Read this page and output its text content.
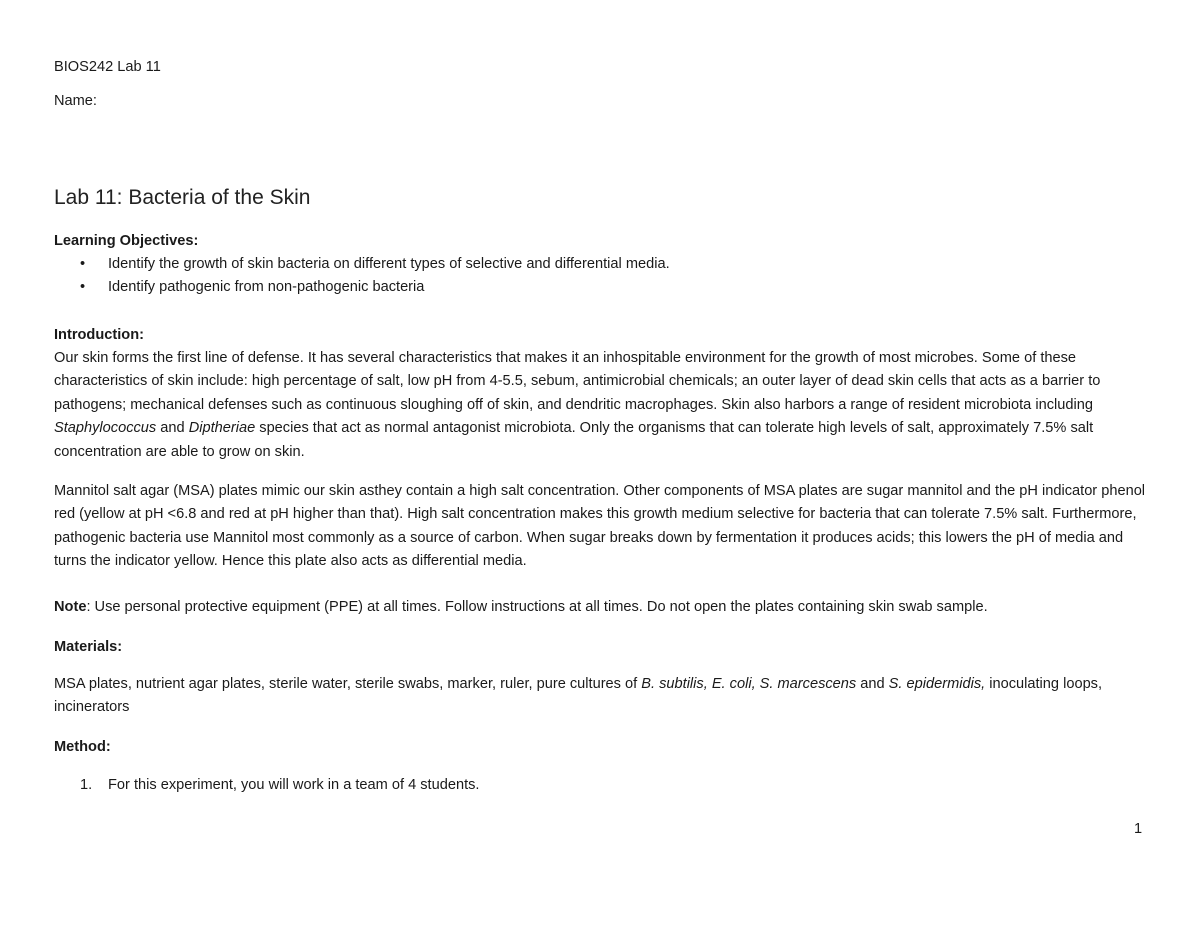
BIOS242 Lab 11
Name:
Lab 11: Bacteria of the Skin
Learning Objectives:
• Identify the growth of skin bacteria on different types of selective and differential media.
• Identify pathogenic from non-pathogenic bacteria
Introduction:

Our skin forms the first line of defense. It has several characteristics that makes it an inhospitable environment for the growth of most microbes. Some of these characteristics of skin include: high percentage of salt, low pH from 4-5.5, sebum, antimicrobial chemicals; an outer layer of dead skin cells that acts as a barrier to pathogens; mechanical defenses such as continuous sloughing off of skin, and dendritic macrophages. Skin also harbors a range of resident microbiota including Staphylococcus and Diptheriae species that act as normal antagonist microbiota. Only the organisms that can tolerate high levels of salt, approximately 7.5% salt concentration are able to grow on skin.

Mannitol salt agar (MSA) plates mimic our skin asthey contain a high salt concentration. Other components of MSA plates are sugar mannitol and the pH indicator phenol red (yellow at pH <6.8 and red at pH higher than that). High salt concentration makes this growth medium selective for bacteria that can tolerate 7.5% salt. Furthermore, pathogenic bacteria use Mannitol most commonly as a source of carbon. When sugar breaks down by fermentation it produces acids; this lowers the pH of media and turns the indicator yellow. Hence this plate also acts as differential media.

Note: Use personal protective equipment (PPE) at all times. Follow instructions at all times. Do not open the plates containing skin swab sample.

Materials:

MSA plates, nutrient agar plates, sterile water, sterile swabs, marker, ruler, pure cultures of B. subtilis, E. coli, S. marcescens and S. epidermidis, inoculating loops, incinerators

Method:
1. For this experiment, you will work in a team of 4 students.
1
